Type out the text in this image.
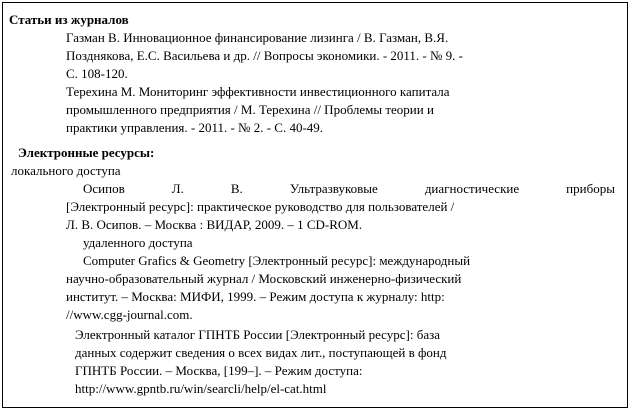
Статьи из журналов

Газман В. Инновационное финансирование лизинга / В. Газман, В.Я.

Позднякова, Е.С. Васильева и др. // Вопросы экономики. - 2011. - № 9. -

С. 108-120.

Терехина М. Мониторинг эффективности инвестиционного капитала

промышленного предприятия / М. Терехина // Проблемы теории и

практики управления. - 2011. - № 2. - С. 40-49.

Электронные ресурсы:

локального доступа

Осипов	Л.	В.	Ультразвуковые	диагностические	приборы

[Электронный ресурс]: практическое руководство для пользователей /

Л. В. Осипов. – Москва : ВИДАР, 2009. – 1 CD-ROM.

удаленного доступа

Computer Grafics & Geometry [Электронный ресурс]: международный

научно-образовательный журнал / Московский инженерно-физический

институт. – Москва: МИФИ, 1999. – Режим доступа к журналу: http:

//www.cgg-journal.com.

Электронный каталог ГПНТБ России [Электронный ресурс]: база

данных содержит сведения о всех видах лит., поступающей в фонд

ГПНТБ России. – Москва, [199–]. – Режим доступа:

http://www.gpntb.ru/win/searcli/help/el-cat.html
